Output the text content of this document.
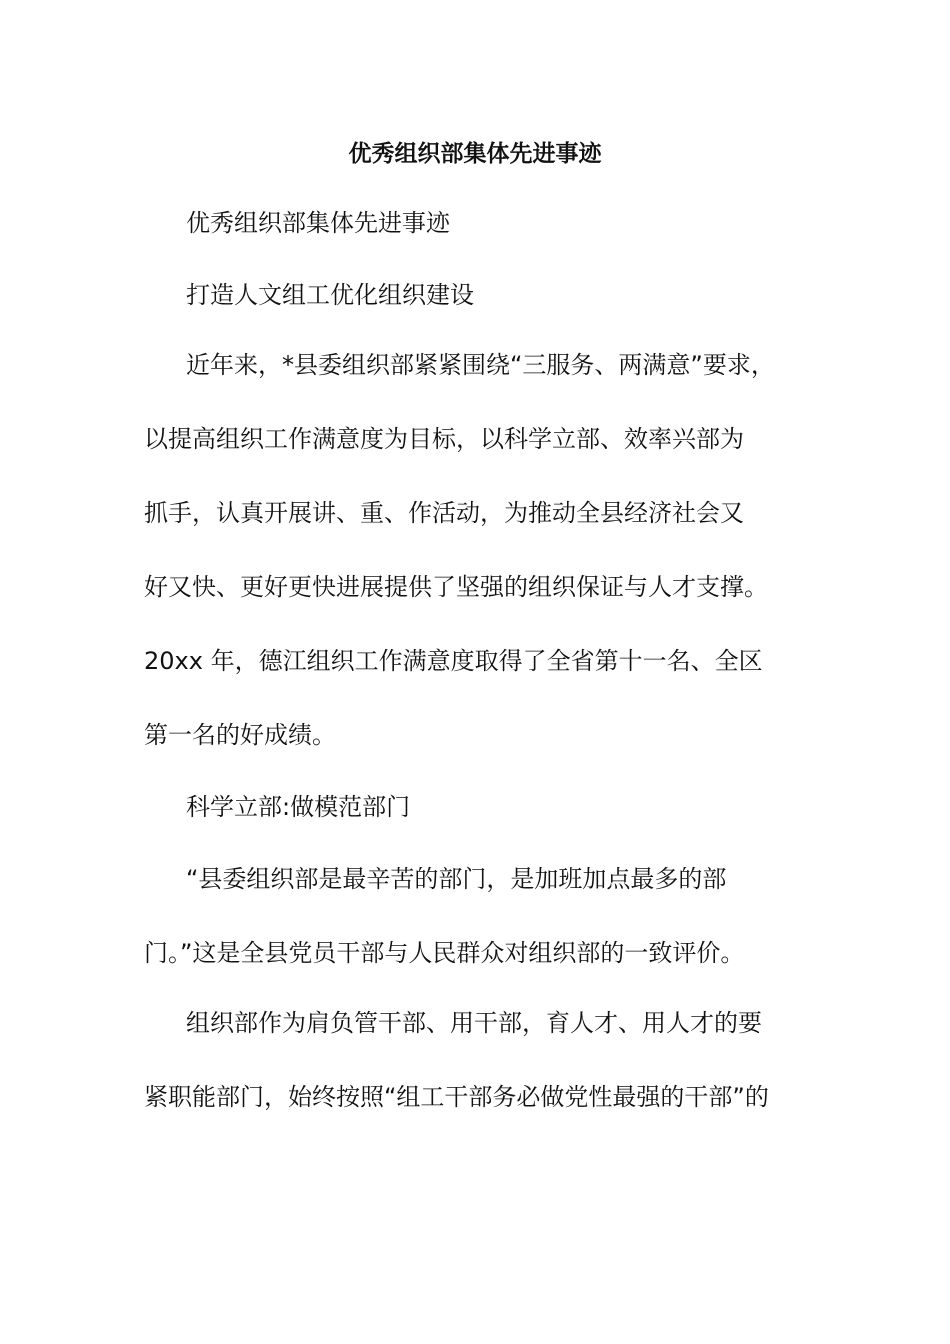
优秀组织部集体先进事迹
优秀组织部集体先进事迹
打造人文组工优化组织建设
近年来，*县委组织部紧紧围绕“三服务、两满意”要求，
以提高组织工作满意度为目标，以科学立部、效率兴部为
抓手，认真开展讲、重、作活动，为推动全县经济社会又
好又快、更好更快进展提供了坚强的组织保证与人才支撑。
20xx 年，德江组织工作满意度取得了全省第十一名、全区
第一名的好成绩。
科学立部:做模范部门
“县委组织部是最辛苦的部门，是加班加点最多的部
门。”这是全县党员干部与人民群众对组织部的一致评价。
组织部作为肩负管干部、用干部，育人才、用人才的要
紧职能部门，始终按照“组工干部务必做党性最强的干部”的
